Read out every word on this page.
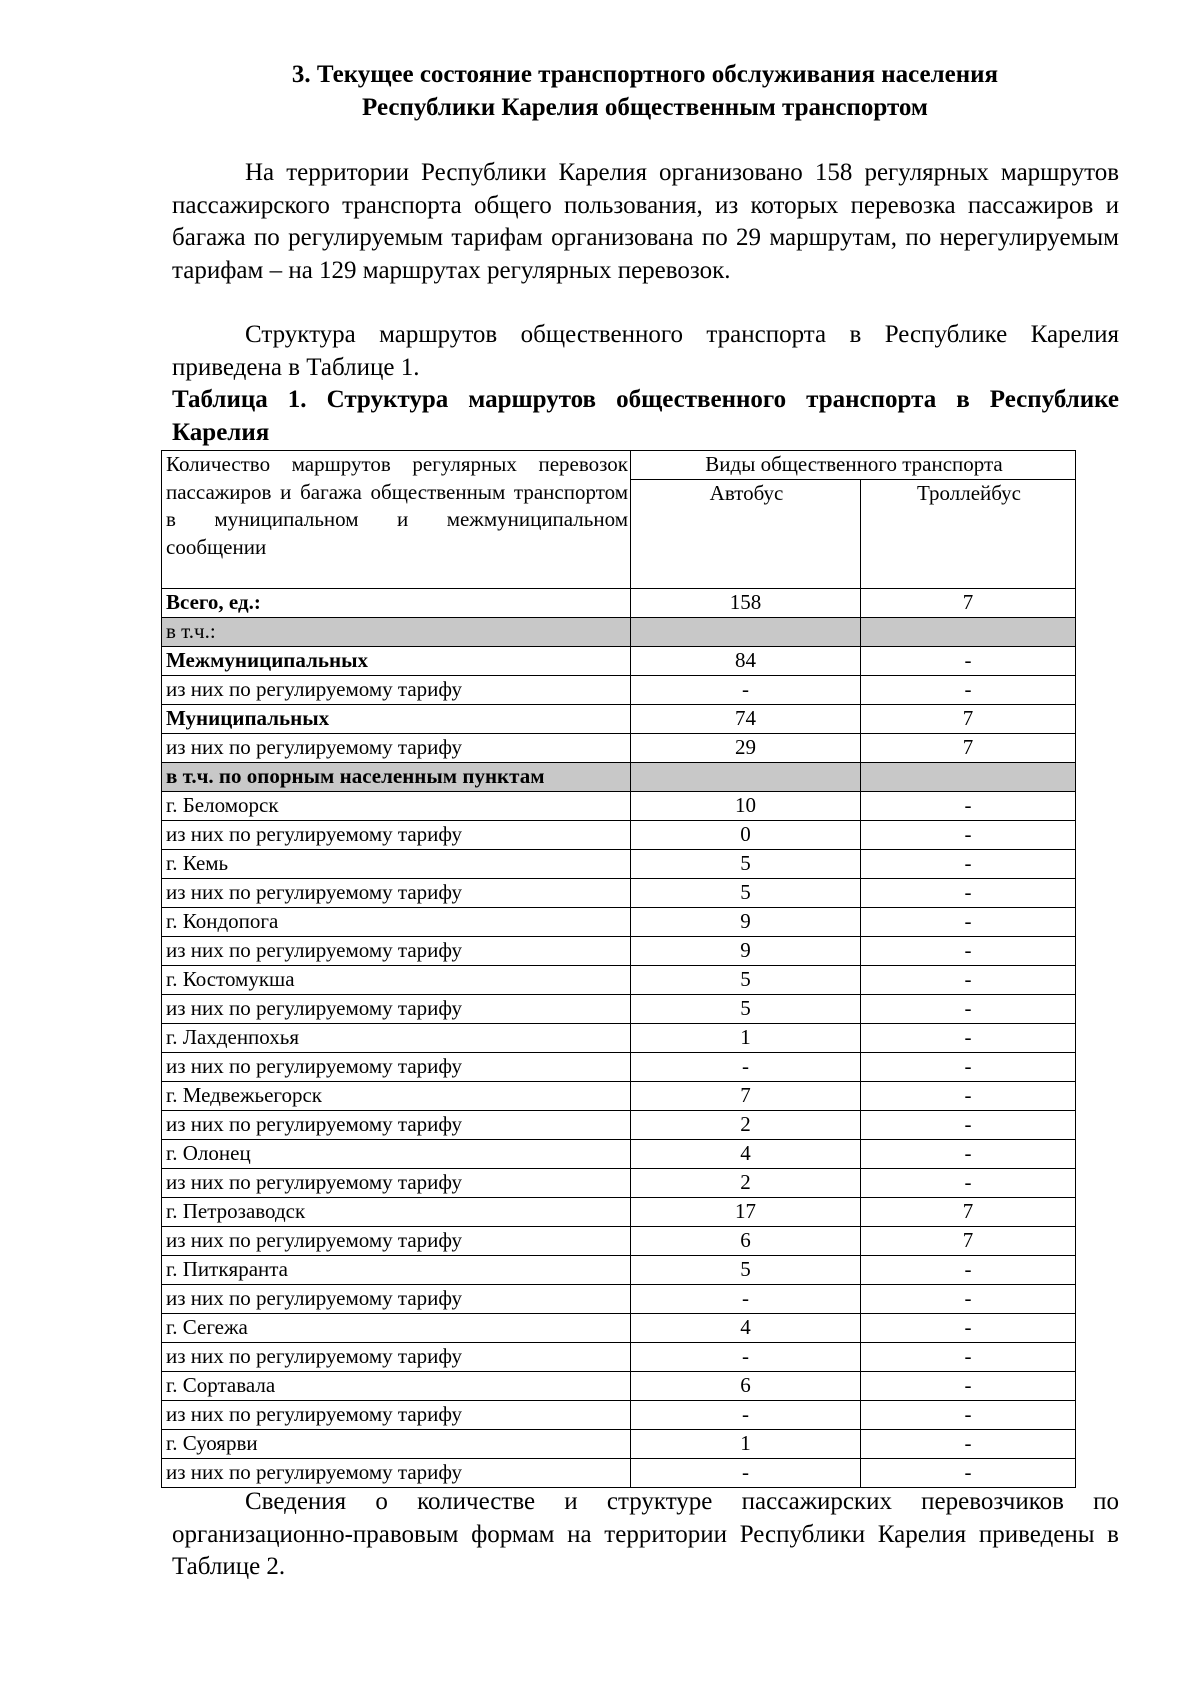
3. Текущее состояние транспортного обслуживания населения
Республики Карелия общественным транспортом
На территории Республики Карелия организовано 158 регулярных маршрутов пассажирского транспорта общего пользования, из которых перевозка пассажиров и багажа по регулируемым тарифам организована по 29 маршрутам, по нерегулируемым тарифам – на 129 маршрутах регулярных перевозок.
Структура маршрутов общественного транспорта в Республике Карелия приведена в Таблице 1.
Таблица 1. Структура маршрутов общественного транспорта в Республике Карелия
Количество маршрутов регулярных перевозок пассажиров и багажа общественным транспортом в муниципальном и межмуниципальном сообщении	Виды общественного транспорта	
	Автобус	Троллейбус
Всего, ед.:	158	7
в т.ч.:		
Межмуниципальных	84	-
из них по регулируемому тарифу	-	-
Муниципальных	74	7
из них по регулируемому тарифу	29	7
в т.ч. по опорным населенным пунктам		
г. Беломорск	10	-
из них по регулируемому тарифу	0	-
г. Кемь	5	-
из них по регулируемому тарифу	5	-
г. Кондопога	9	-
из них по регулируемому тарифу	9	-
г. Костомукша	5	-
из них по регулируемому тарифу	5	-
г. Лахденпохья	1	-
из них по регулируемому тарифу	-	-
г. Медвежьегорск	7	-
из них по регулируемому тарифу	2	-
г. Олонец	4	-
из них по регулируемому тарифу	2	-
г. Петрозаводск	17	7
из них по регулируемому тарифу	6	7
г. Питкяранта	5	-
из них по регулируемому тарифу	-	-
г. Сегежа	4	-
из них по регулируемому тарифу	-	-
г. Сортавала	6	-
из них по регулируемому тарифу	-	-
г. Суоярви	1	-
из них по регулируемому тарифу	-	-
Сведения о количестве и структуре пассажирских перевозчиков по организационно-правовым формам на территории Республики Карелия приведены в Таблице 2.
